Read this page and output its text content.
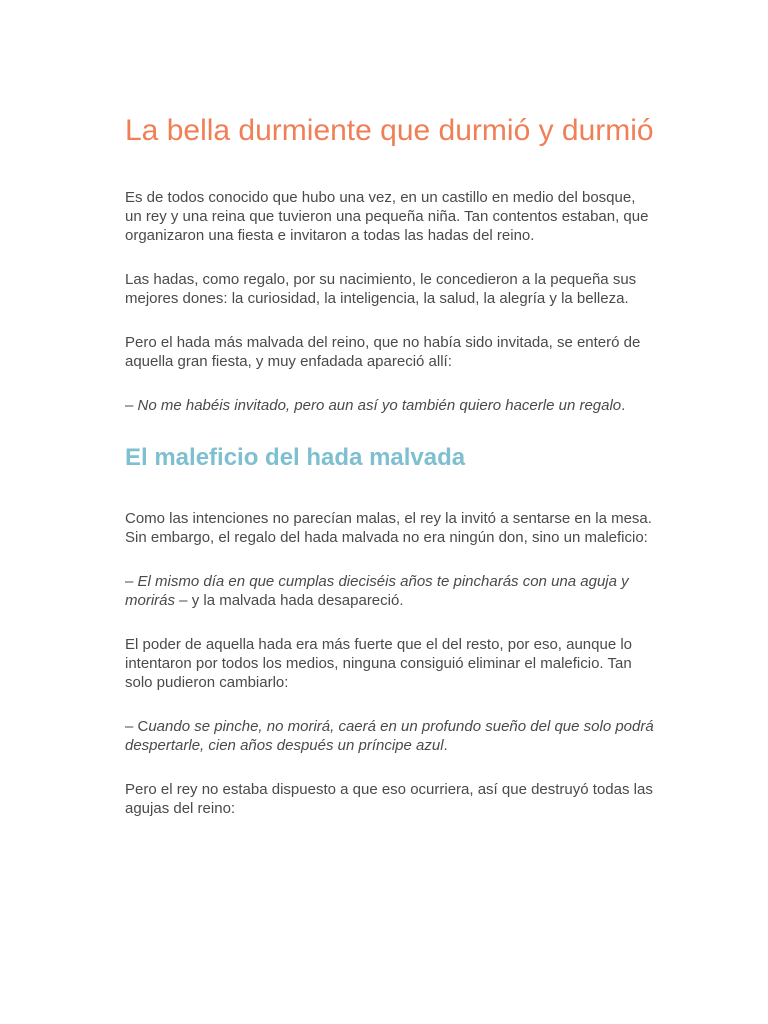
La bella durmiente que durmió y durmió

Es de todos conocido que hubo una vez, en un castillo en medio del bosque, un rey y una reina que tuvieron una pequeña niña. Tan contentos estaban, que organizaron una fiesta e invitaron a todas las hadas del reino.

Las hadas, como regalo, por su nacimiento, le concedieron a la pequeña sus mejores dones: la curiosidad, la inteligencia, la salud, la alegría y la belleza.

Pero el hada más malvada del reino, que no había sido invitada, se enteró de aquella gran fiesta, y muy enfadada apareció allí:

– No me habéis invitado, pero aun así yo también quiero hacerle un regalo.

El maleficio del hada malvada

Como las intenciones no parecían malas, el rey la invitó a sentarse en la mesa. Sin embargo, el regalo del hada malvada no era ningún don, sino un maleficio:

– El mismo día en que cumplas dieciséis años te pincharás con una aguja y morirás – y la malvada hada desapareció.

El poder de aquella hada era más fuerte que el del resto, por eso, aunque lo intentaron por todos los medios, ninguna consiguió eliminar el maleficio. Tan solo pudieron cambiarlo:

– Cuando se pinche, no morirá, caerá en un profundo sueño del que solo podrá despertarle, cien años después un príncipe azul.

Pero el rey no estaba dispuesto a que eso ocurriera, así que destruyó todas las agujas del reino:
